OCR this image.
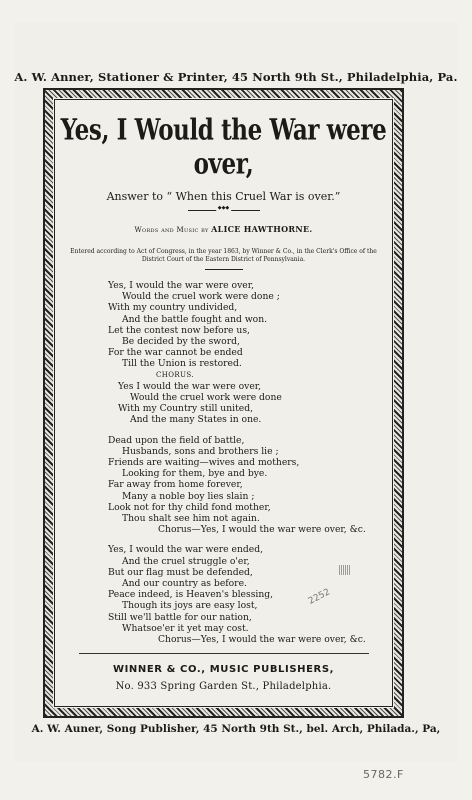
A. W. Anner, Stationer & Printer, 45 North 9th St., Philadelphia, Pa.
Yes, I Would the War were over,
Answer to “ When this Cruel War is over.”
◆◆◆
Words and Music by ALICE HAWTHORNE.
Entered according to Act of Congress, in the year 1863, by Winner & Co., in the Clerk's Office of the District Court of the Eastern District of Pennsylvania.
Yes, I would the war were over,
Would the cruel work were done ;
With my country undivided,
And the battle fought and won.
Let the contest now before us,
Be decided by the sword,
For the war cannot be ended
Till the Union is restored.
CHORUS.
Yes I would the war were over,
Would the cruel work were done
With my Country still united,
And the many States in one.
Dead upon the field of battle,
Husbands, sons and brothers lie ;
Friends are waiting—wives and mothers,
Looking for them, bye and bye.
Far away from home forever,
Many a noble boy lies slain ;
Look not for thy child fond mother,
Thou shalt see him not again.
Chorus—Yes, I would the war were over, &c.
Yes, I would the war were ended,
And the cruel struggle o'er,
But our flag must be defended,
And our country as before.
Peace indeed, is Heaven's blessing,
Though its joys are easy lost,
Still we'll battle for our nation,
Whatsoe'er it yet may cost.
Chorus—Yes, I would the war were over, &c.
WINNER & CO., MUSIC PUBLISHERS,
No. 933 Spring Garden St., Philadelphia.
A. W. Auner, Song Publisher, 45 North 9th St., bel. Arch, Philada., Pa,
2252
5782.F
